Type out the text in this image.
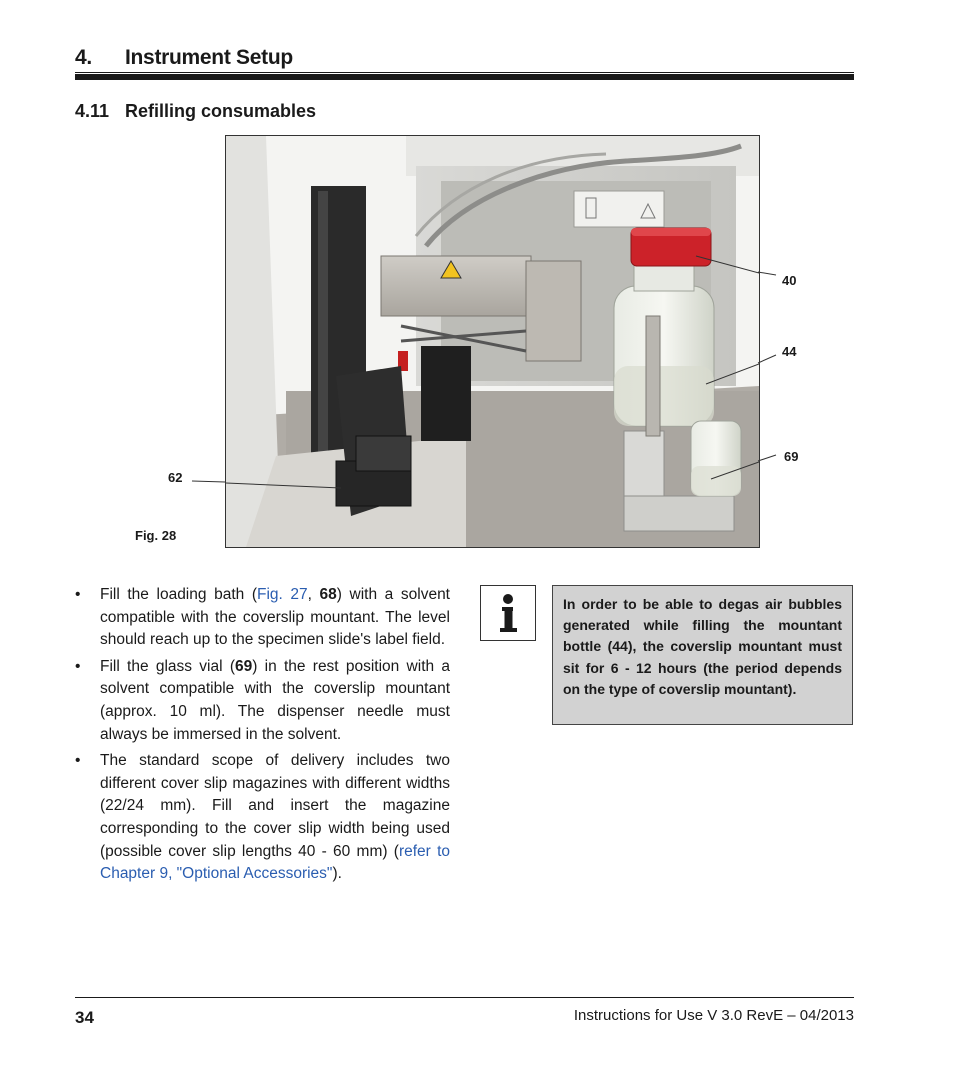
4. Instrument Setup
4.11 Refilling consumables
40
44
69
62
Fig. 28
• Fill the loading bath (Fig. 27, 68) with a solvent compatible with the coverslip mountant. The level should reach up to the specimen slide's label field.
• Fill the glass vial (69) in the rest position with a solvent compatible with the coverslip mountant (approx. 10 ml). The dispenser needle must always be immersed in the solvent.
• The standard scope of delivery includes two different cover slip magazines with different widths (22/24 mm). Fill and insert the magazine corresponding to the cover slip width being used (possible cover slip lengths 40 - 60 mm) (refer to Chapter 9, "Optional Accessories").
In order to be able to degas air bubbles generated while filling the mountant bottle (44), the coverslip mountant must sit for 6 - 12 hours (the period depends on the type of coverslip mountant).
34	Instructions for Use V 3.0 RevE – 04/2013
